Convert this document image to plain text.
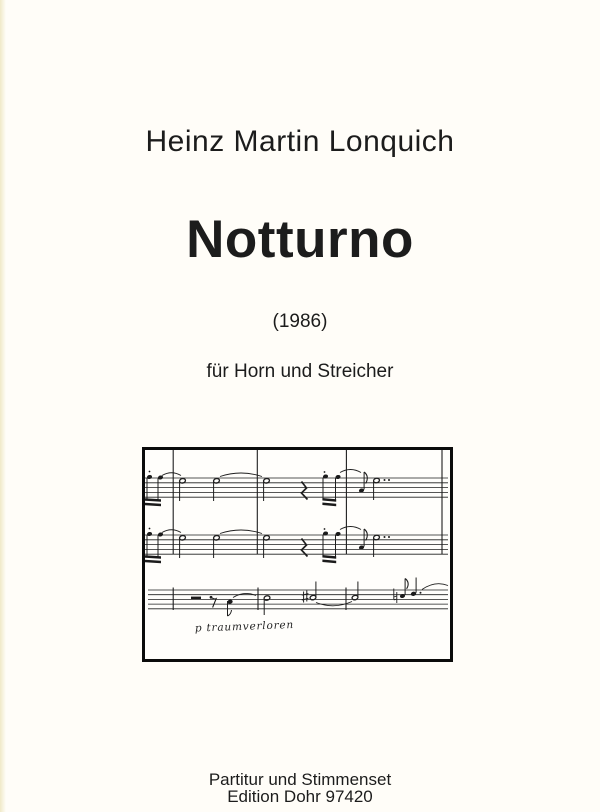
Heinz Martin Lonquich
Notturno
(1986)
für Horn und Streicher
p traumverloren
Partitur und Stimmenset
Edition Dohr 97420
